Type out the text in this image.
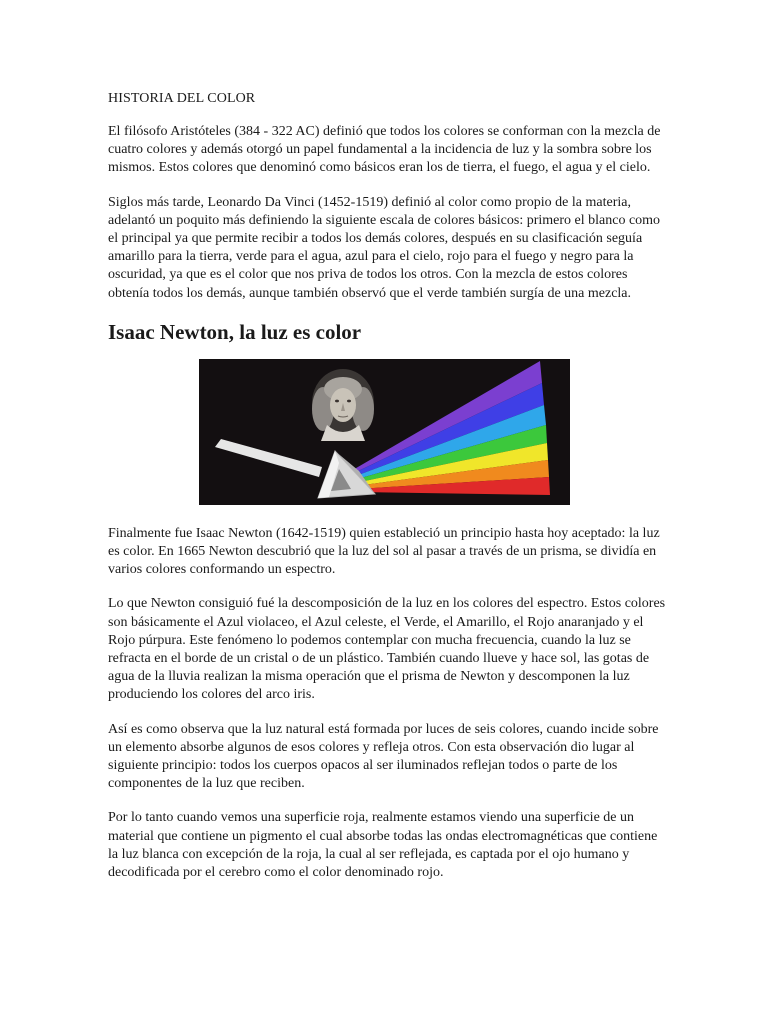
HISTORIA DEL COLOR

El filósofo Aristóteles (384 - 322 AC) definió que todos los colores se conforman con la mezcla de cuatro colores y además otorgó un papel fundamental a la incidencia de luz y la sombra sobre los mismos. Estos colores que denominó como básicos eran los de tierra, el fuego, el agua y el cielo.

Siglos más tarde, Leonardo Da Vinci (1452-1519) definió al color como propio de la materia, adelantó un poquito más definiendo la siguiente escala de colores básicos: primero el blanco como el principal ya que permite recibir a todos los demás colores, después en su clasificación seguía amarillo para la tierra, verde para el agua, azul para el cielo, rojo para el fuego y negro para la oscuridad, ya que es el color que nos priva de todos los otros. Con la mezcla de estos colores obtenía todos los demás, aunque también observó que el verde también surgía de una mezcla.

Isaac Newton, la luz es color

Finalmente fue Isaac Newton (1642-1519) quien estableció un principio hasta hoy aceptado: la luz es color. En 1665 Newton descubrió que la luz del sol al pasar a través de un prisma, se dividía en varios colores conformando un espectro.

Lo que Newton consiguió fué la descomposición de la luz en los colores del espectro. Estos colores son básicamente el Azul violaceo, el Azul celeste, el Verde, el Amarillo, el Rojo anaranjado y el Rojo púrpura. Este fenómeno lo podemos contemplar con mucha frecuencia, cuando la luz se refracta en el borde de un cristal o de un plástico. También cuando llueve y hace sol, las gotas de agua de la lluvia realizan la misma operación que el prisma de Newton y descomponen la luz produciendo los colores del arco iris.

Así es como observa que la luz natural está formada por luces de seis colores, cuando incide sobre un elemento absorbe algunos de esos colores y refleja otros. Con esta observación dio lugar al siguiente principio: todos los cuerpos opacos al ser iluminados reflejan todos o parte de los componentes de la luz que reciben.

Por lo tanto cuando vemos una superficie roja, realmente estamos viendo una superficie de un material que contiene un pigmento el cual absorbe todas las ondas electromagnéticas que contiene la luz blanca con excepción de la roja, la cual al ser reflejada, es captada por el ojo humano y decodificada por el cerebro como el color denominado rojo.
